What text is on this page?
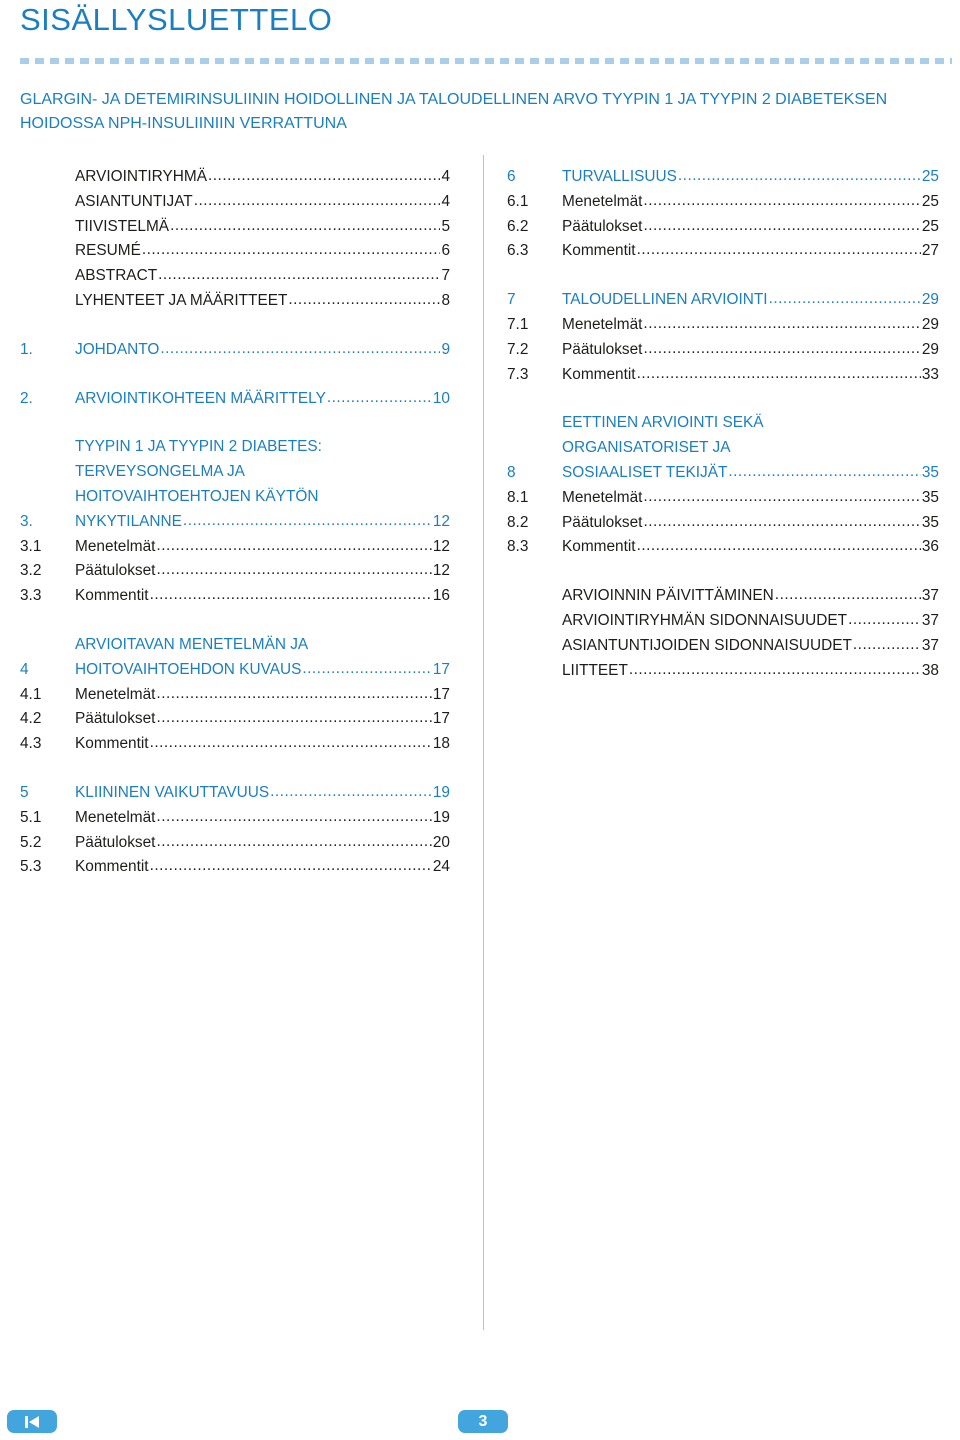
SISÄLLYSLUETTELO
GLARGIN- JA DETEMIRINSULIININ HOIDOLLINEN JA TALOUDELLINEN ARVO TYYPIN 1 JA TYYPIN 2 DIABETEKSEN HOIDOSSA NPH-INSULIINIIN VERRATTUNA
ARVIOINTIRYHMÄ .....	4
ASIANTUNTIJAT .....	4
TIIVISTELMÄ .....	5
RESUMÉ .....	6
ABSTRACT .....	7
LYHENTEET JA MÄÄRITTEET .....	8
1.	JOHDANTO .....	9
2.	ARVIOINTIKOHTEEN MÄÄRITTELY .....	10
3.
TYYPIN 1 JA TYYPIN 2 DIABETES:
TERVEYSONGELMA JA
HOITOVAIHTOEHTOJEN KÄYTÖN
NYKYTILANNE .....	12
3.1	Menetelmät .....	12
3.2	Päätulokset .....	12
3.3	Kommentit .....	16
4
ARVIOITAVAN MENETELMÄN JA
HOITOVAIHTOEHDON KUVAUS .....	17
4.1	Menetelmät .....	17
4.2	Päätulokset .....	17
4.3	Kommentit .....	18
5	KLIININEN VAIKUTTAVUUS .....	19
5.1	Menetelmät .....	19
5.2	Päätulokset .....	20
5.3	Kommentit .....	24
6	TURVALLISUUS .....	25
6.1	Menetelmät .....	25
6.2	Päätulokset .....	25
6.3	Kommentit .....	27
7	TALOUDELLINEN ARVIOINTI .....	29
7.1	Menetelmät .....	29
7.2	Päätulokset .....	29
7.3	Kommentit .....	33
8
EETTINEN ARVIOINTI SEKÄ
ORGANISATORISET JA
SOSIAALISET TEKIJÄT .....	35
8.1	Menetelmät .....	35
8.2	Päätulokset .....	35
8.3	Kommentit .....	36
ARVIOINNIN PÄIVITTÄMINEN .....	37
ARVIOINTIRYHMÄN SIDONNAISUUDET .....	37
ASIANTUNTIJOIDEN SIDONNAISUUDET .....	37
LIITTEET .....	38
3
